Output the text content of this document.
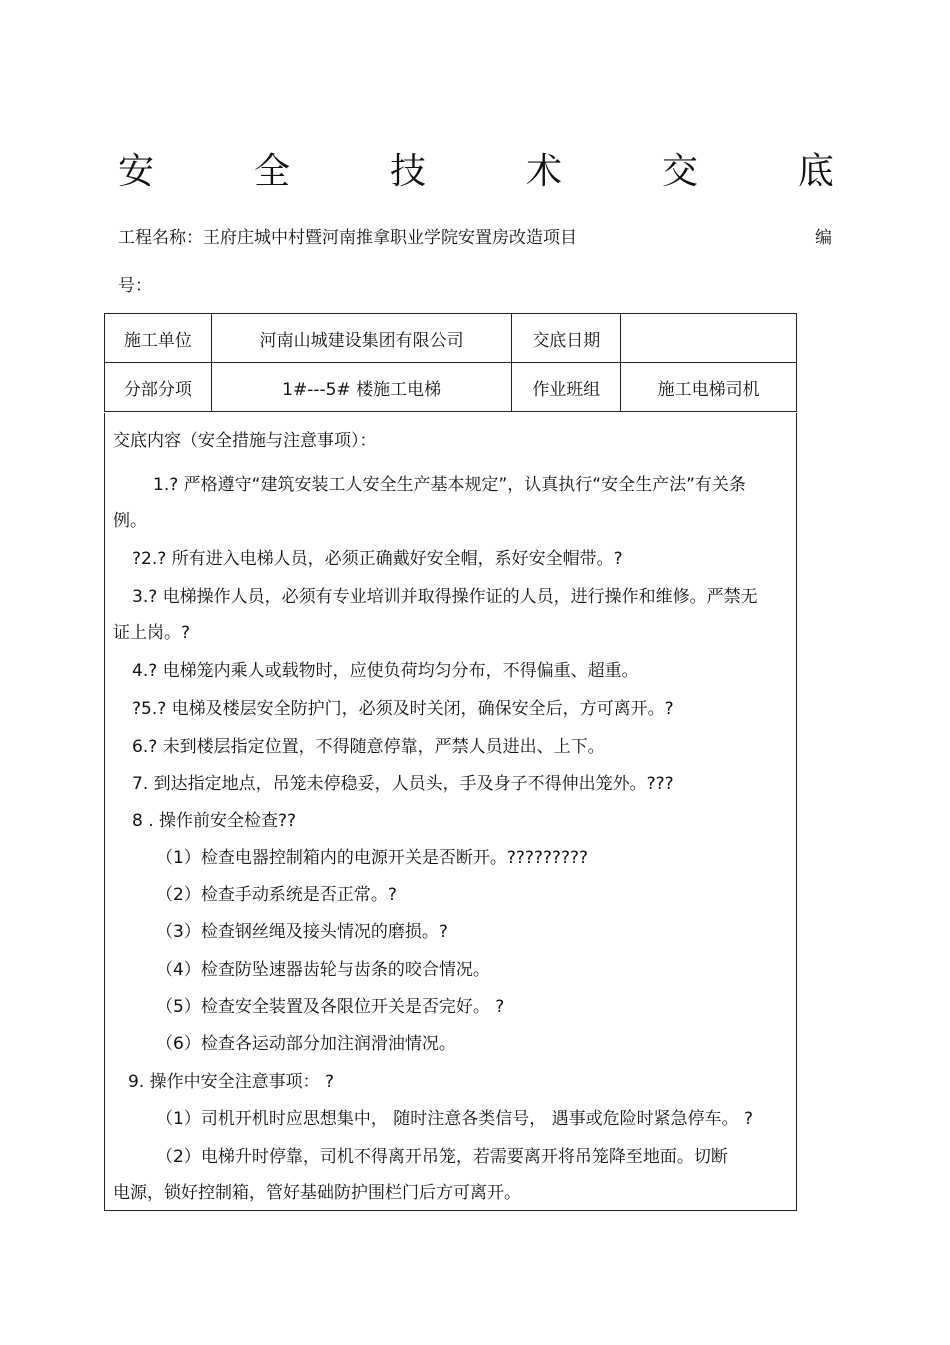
安	全	技	术	交	底
工程名称：王府庄城中村暨河南推拿职业学院安置房改造项目	编
号：
施工单位	河南山城建设集团有限公司	交底日期	
分部分项	1#---5# 楼施工电梯	作业班组	施工电梯司机
交底内容（安全措施与注意事项）：
1.? 严格遵守“建筑安装工人安全生产基本规定”，认真执行“安全生产法”有关条
例。
?2.? 所有进入电梯人员，必须正确戴好安全帽，系好安全帽带。?
3.? 电梯操作人员，必须有专业培训并取得操作证的人员，进行操作和维修。严禁无
证上岗。?
4.? 电梯笼内乘人或载物时，应使负荷均匀分布，不得偏重、超重。
?5.? 电梯及楼层安全防护门，必须及时关闭，确保安全后，方可离开。?
6.? 未到楼层指定位置，不得随意停靠，严禁人员进出、上下。
7. 到达指定地点，吊笼未停稳妥，人员头，手及身子不得伸出笼外。???
8 . 操作前安全检查??
（1）检查电器控制箱内的电源开关是否断开。?????????
（2）检查手动系统是否正常。?
（3）检查钢丝绳及接头情况的磨损。?
（4）检查防坠速器齿轮与齿条的咬合情况。
（5）检查安全装置及各限位开关是否完好。 ?
（6）检查各运动部分加注润滑油情况。
9. 操作中安全注意事项： ?
（1）司机开机时应思想集中， 随时注意各类信号， 遇事或危险时紧急停车。 ?
（2）电梯升时停靠，司机不得离开吊笼，若需要离开将吊笼降至地面。切断
电源，锁好控制箱，管好基础防护围栏门后方可离开。
